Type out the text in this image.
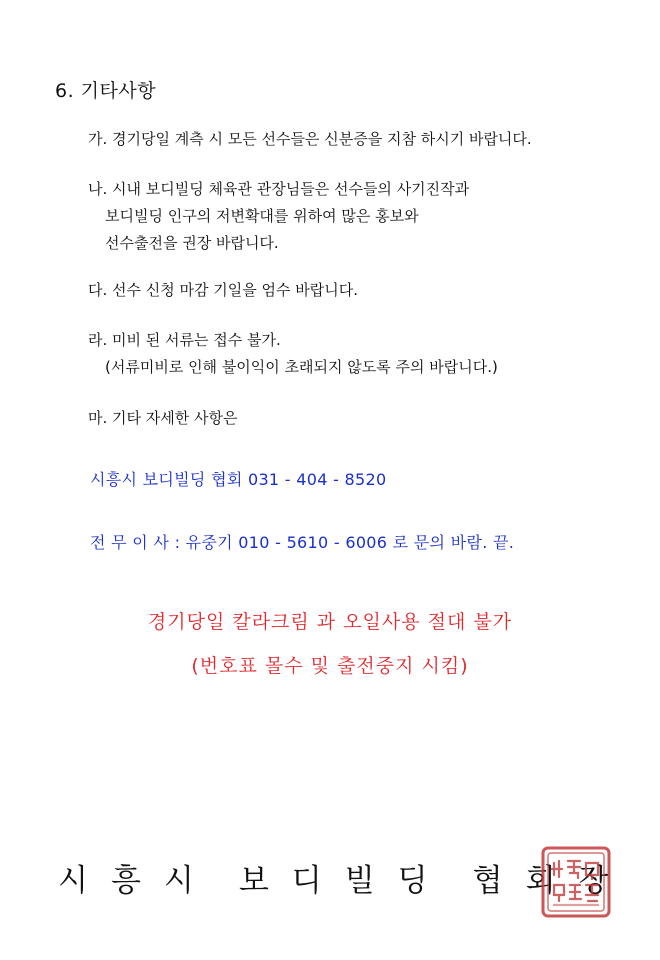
6. 기타사항
가. 경기당일 계측 시 모든 선수들은 신분증을 지참 하시기 바랍니다.
나. 시내 보디빌딩 체육관 관장님들은 선수들의 사기진작과
보디빌딩 인구의 저변확대를 위하여 많은 홍보와
선수출전을 권장 바랍니다.
다. 선수 신청 마감 기일을 엄수 바랍니다.
라. 미비 된 서류는 접수 불가.
(서류미비로 인해 불이익이 초래되지 않도록 주의 바랍니다.)
마. 기타 자세한 사항은
시흥시 보디빌딩 협회 031 - 404 - 8520
전 무 이 사 : 유중기 010 - 5610 - 6006 로 문의 바람. 끝.
경기당일 칼라크림 과 오일사용 절대 불가
(번호표 몰수 및 출전중지 시킴)
시흥시 보디빌딩 협회장
